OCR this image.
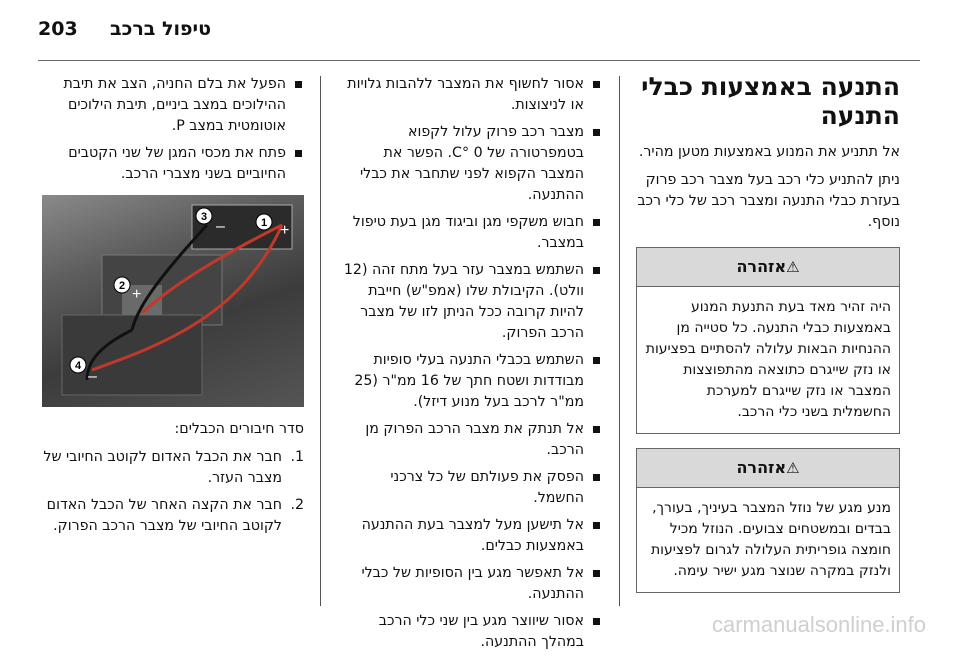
203 טיפול ברכב
התנעה באמצעות כבלי התנעה

אל תתניע את המנוע באמצעות מטען מהיר.

ניתן להתניע כלי רכב בעל מצבר רכב פרוק בעזרת כבלי התנעה ומצבר רכב של כלי רכב נוסף.

⚠אזהרה
היה זהיר מאד בעת התנעת המנוע באמצעות כבלי התנעה. כל סטייה מן ההנחיות הבאות עלולה להסתיים בפציעות או נזק שייגרם כתוצאה מהתפוצצות המצבר או נזק שייגרם למערכת החשמלית בשני כלי הרכב.
⚠אזהרה
מנע מגע של נוזל המצבר בעיניך, בעורך, בבדים ובמשטחים צבועים. הנוזל מכיל חומצה גופריתית העלולה לגרום לפציעות ולנזק במקרה שנוצר מגע ישיר עימה.
אסור לחשוף את המצבר ללהבות גלויות או לניצוצות.
מצבר רכב פרוק עלול לקפוא בטמפרטורה של 0 °C. הפשר את המצבר הקפוא לפני שתחבר את כבלי ההתנעה.
חבוש משקפי מגן וביגוד מגן בעת טיפול במצבר.
השתמש במצבר עזר בעל מתח זהה (12 וולט). הקיבולת שלו (אמפ"ש) חייבת להיות קרובה ככל הניתן לזו של מצבר הרכב הפרוק.
השתמש בכבלי התנעה בעלי סופיות מבודדות ושטח חתך של 16 ממ"ר (25 ממ"ר לרכב בעל מנוע דיזל).
אל תנתק את מצבר הרכב הפרוק מן הרכב.
הפסק את פעולתם של כל צרכני החשמל.
אל תישען מעל למצבר בעת ההתנעה באמצעות כבלים.
אל תאפשר מגע בין הסופיות של כבלי ההתנעה.
אסור שיווצר מגע בין שני כלי הרכב במהלך ההתנעה.
הפעל את בלם החניה, הצב את תיבת ההילוכים במצב ביניים, תיבת הילוכים אוטומטית במצב P.
פתח את מכסי המגן של שני הקטבים החיוביים בשני מצברי הרכב.
1
2
3
4
+
–
+
–

סדר חיבורים הכבלים:

1.
חבר את הכבל האדום לקוטב החיובי של מצבר העזר.
2.
חבר את הקצה האחר של הכבל האדום לקוטב החיובי של מצבר הרכב הפרוק.
carmanualsonline.info
